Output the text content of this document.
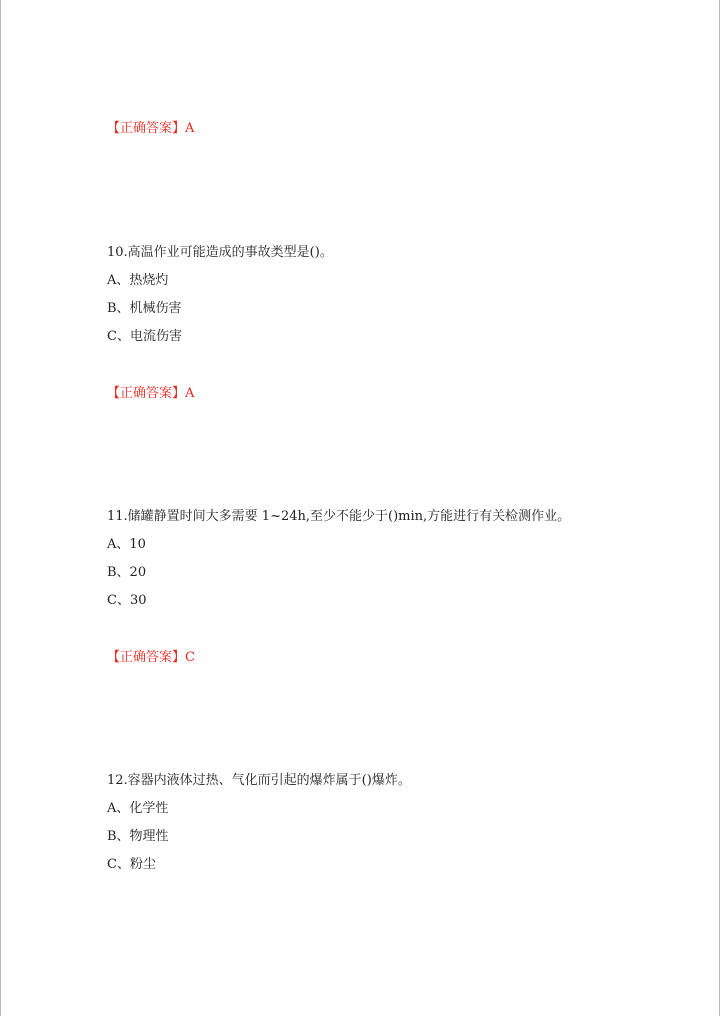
【正确答案】A
10.高温作业可能造成的事故类型是()。
A、热烧灼
B、机械伤害
C、电流伤害
【正确答案】A
11.储罐静置时间大多需要 1~24h,至少不能少于()min,方能进行有关检测作业。
A、10
B、20
C、30
【正确答案】C
12.容器内液体过热、气化而引起的爆炸属于()爆炸。
A、化学性
B、物理性
C、粉尘
